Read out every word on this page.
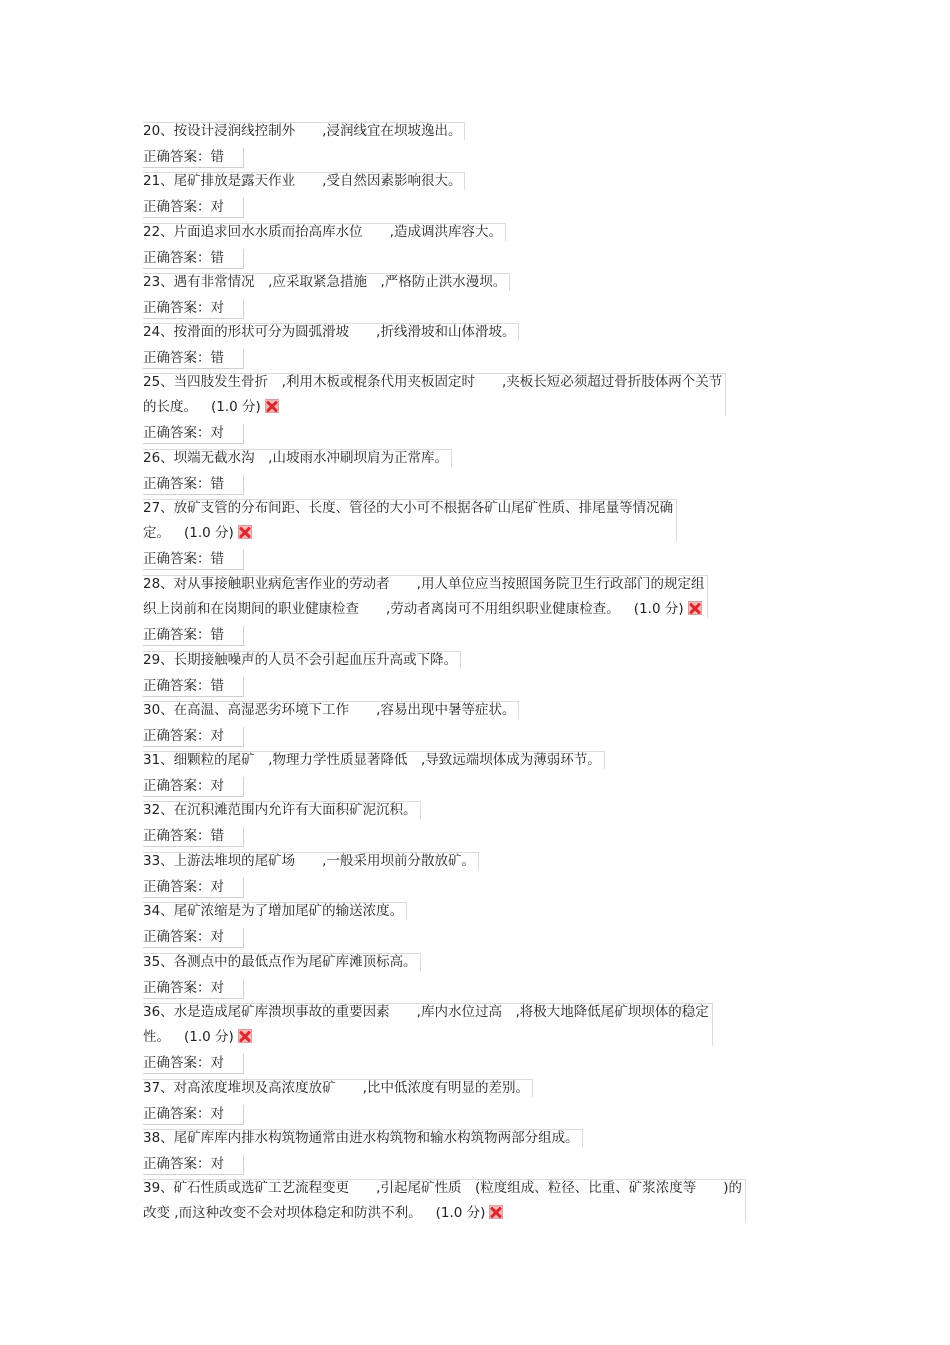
20、按设计浸润线控制外　　,浸润线宜在坝坡逸出。
正确答案：错
21、尾矿排放是露天作业　　,受自然因素影响很大。
正确答案：对
22、片面追求回水水质而抬高库水位　　,造成调洪库容大。
正确答案：错
23、遇有非常情况　,应采取紧急措施　,严格防止洪水漫坝。
正确答案：对
24、按滑面的形状可分为圆弧滑坡　　,折线滑坡和山体滑坡。
正确答案：错
25、当四肢发生骨折　,利用木板或棍条代用夹板固定时　　,夹板长短必须超过骨折肢体两个关节
的长度。 (1.0 分)
正确答案：对
26、坝端无截水沟　,山坡雨水冲刷坝肩为正常库。
正确答案：错
27、放矿支管的分布间距、长度、管径的大小可不根据各矿山尾矿性质、排尾量等情况确
定。 (1.0 分)
正确答案：错
28、对从事接触职业病危害作业的劳动者　　,用人单位应当按照国务院卫生行政部门的规定组
织上岗前和在岗期间的职业健康检查　　,劳动者离岗可不用组织职业健康检查。 (1.0 分)
正确答案：错
29、长期接触噪声的人员不会引起血压升高或下降。
正确答案：错
30、在高温、高湿恶劣环境下工作　　,容易出现中暑等症状。
正确答案：对
31、细颗粒的尾矿　,物理力学性质显著降低　,导致远端坝体成为薄弱环节。
正确答案：对
32、在沉积滩范围内允许有大面积矿泥沉积。
正确答案：错
33、上游法堆坝的尾矿场　　,一般采用坝前分散放矿。
正确答案：对
34、尾矿浓缩是为了增加尾矿的输送浓度。
正确答案：对
35、各测点中的最低点作为尾矿库滩顶标高。
正确答案：对
36、水是造成尾矿库溃坝事故的重要因素　　,库内水位过高　,将极大地降低尾矿坝坝体的稳定
性。 (1.0 分)
正确答案：对
37、对高浓度堆坝及高浓度放矿　　,比中低浓度有明显的差别。
正确答案：对
38、尾矿库库内排水构筑物通常由进水构筑物和输水构筑物两部分组成。
正确答案：对
39、矿石性质或选矿工艺流程变更　　,引起尾矿性质　(粒度组成、粒径、比重、矿浆浓度等　　)的
改变 ,而这种改变不会对坝体稳定和防洪不利。 (1.0 分)
